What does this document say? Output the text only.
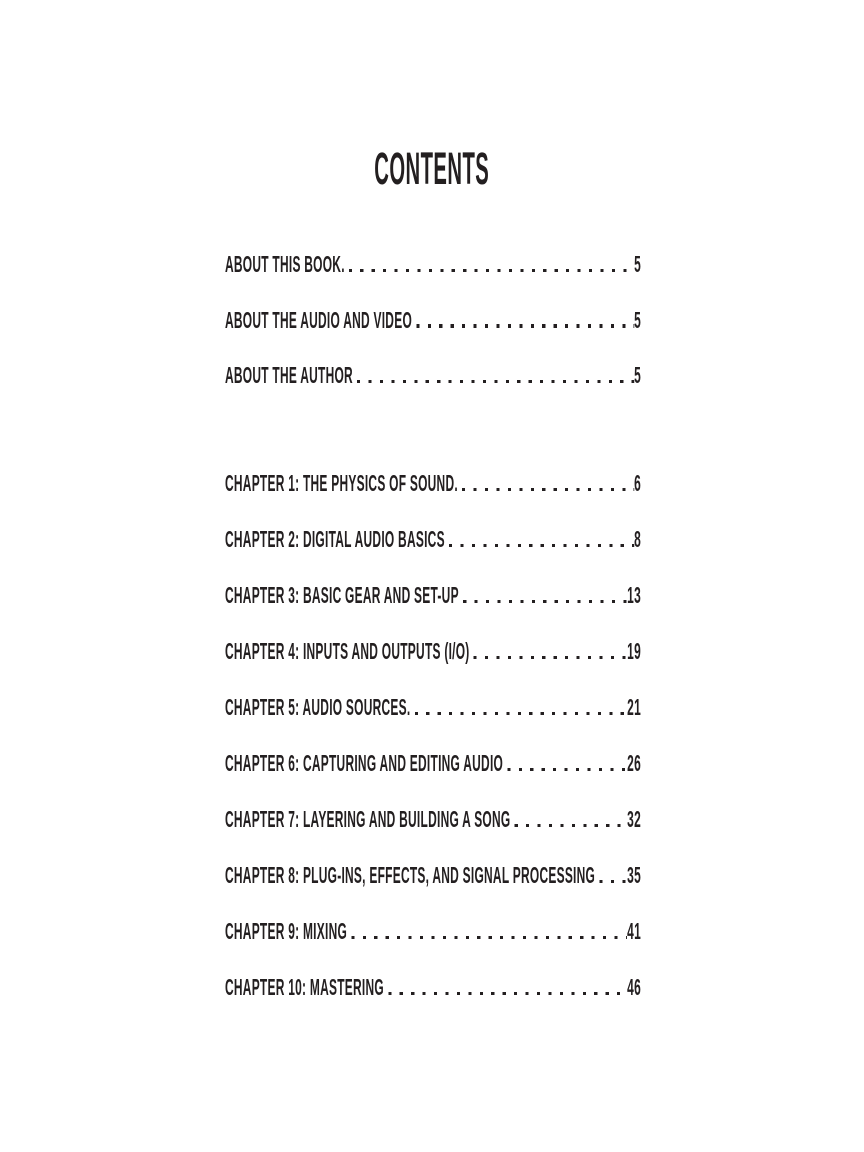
CONTENTS
ABOUT THIS BOOK.	5
ABOUT THE AUDIO AND VIDEO	5
ABOUT THE AUTHOR	5
CHAPTER 1: THE PHYSICS OF SOUND.	6
CHAPTER 2: DIGITAL AUDIO BASICS	8
CHAPTER 3: BASIC GEAR AND SET-UP	13
CHAPTER 4: INPUTS AND OUTPUTS (I/O)	19
CHAPTER 5: AUDIO SOURCES.	21
CHAPTER 6: CAPTURING AND EDITING AUDIO	26
CHAPTER 7: LAYERING AND BUILDING A SONG	32
CHAPTER 8: PLUG-INS, EFFECTS, AND SIGNAL PROCESSING 35
CHAPTER 9: MIXING	41
CHAPTER 10: MASTERING	46
